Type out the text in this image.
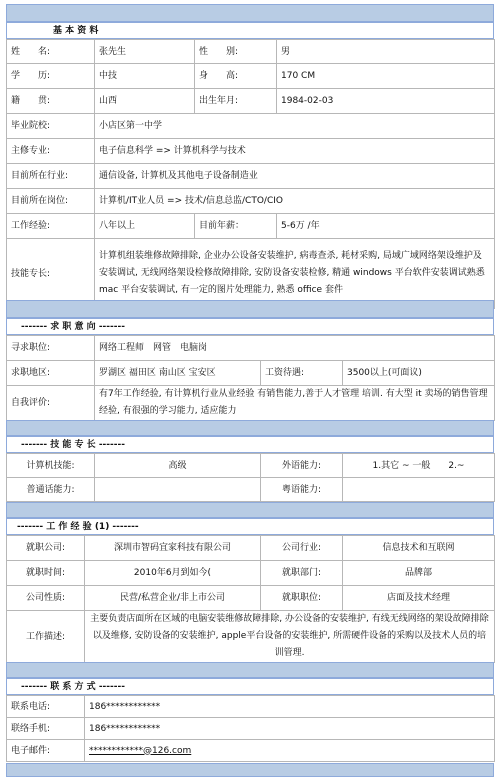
基 本 资 料
姓　　名:	张先生	性　　别:	男
学　　历:	中技	身　　高:	170 CM
籍　　贯:	山西	出生年月:	1984-02-03
毕业院校:	小店区第一中学		
主修专业:	电子信息科学 => 计算机科学与技术		
目前所在行业:	通信设备, 计算机及其他电子设备制造业		
目前所在岗位:	计算机/IT业人员 => 技术/信息总监/CTO/CIO		
工作经验:	八年以上	目前年薪：	5-6万 /年
技能专长:	计算机组装维修故障排除, 企业办公设备安装维护, 病毒查杀, 耗材采购, 局域广域网络架设维护及安装调试, 无线网络架设检修故障排除, 安防设备安装检修, 精通 windows 平台软件安装调试熟悉 mac 平台安装调试, 有一定的图片处理能力, 熟悉 office 套件		
------- 求 职 意 向 -------
寻求职位:	网络工程师　网管　电脑岗		
求职地区:	罗湖区 福田区 南山区 宝安区	工资待遇:	3500以上(可面议)
自我评价:	有7年工作经验, 有计算机行业从业经验 有销售能力,善于人才管理 培训. 有大型 it 卖场的销售管理经验, 有很强的学习能力, 适应能力		
------- 技 能 专 长 -------
计算机技能:	高级	外语能力:	1.其它 ~ 一般　　2.~
普通话能力:		粤语能力:	
------- 工 作 经 验 (1) -------
就职公司:	深圳市智码宜家科技有限公司	公司行业:	信息技术和互联网
就职时间:	2010年6月到如今(	就职部门:	品牌部
公司性质:	民营/私营企业/非上市公司	就职职位:	店面及技术经理
工作描述:	主要负责店面所在区域的电脑安装维修故障排除, 办公设备的安装维护, 有线无线网络的架设故障排除以及维修, 安防设备的安装维护, apple平台设备的安装维护, 所需硬件设备的采购以及技术人员的培训管理.		
------- 联 系 方 式 -------
联系电话:	186************
联络手机:	186************
电子邮件:	************@126.com
